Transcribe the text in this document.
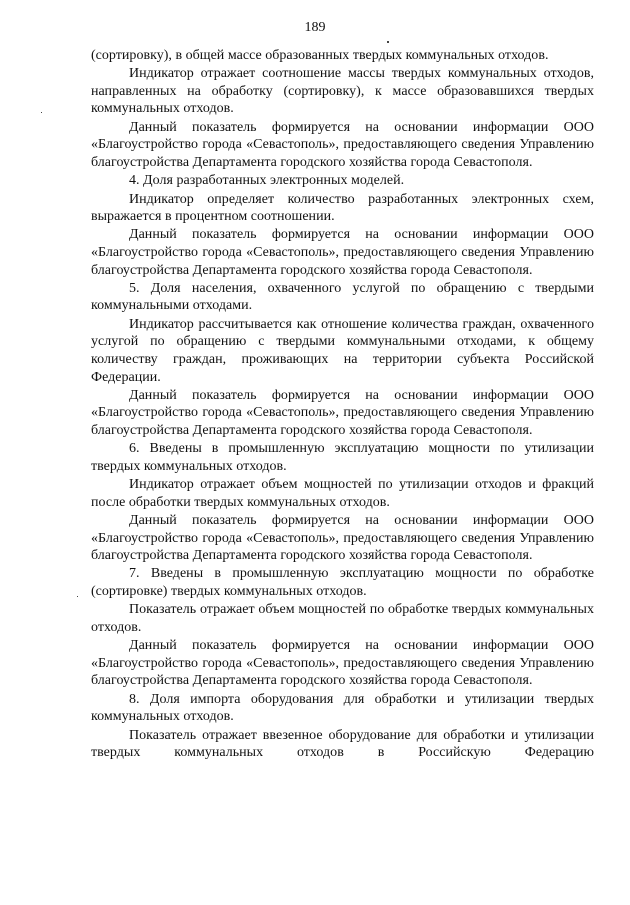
189

(сортировку), в общей массе образованных твердых коммунальных отходов.

Индикатор отражает соотношение массы твердых коммунальных отходов, направленных на обработку (сортировку), к массе образовавшихся твердых коммунальных отходов.

Данный показатель формируется на основании информации ООО «Благоустройство города «Севастополь», предоставляющего сведения Управлению благоустройства Департамента городского хозяйства города Севастополя.

4. Доля разработанных электронных моделей.

Индикатор определяет количество разработанных электронных схем, выражается в процентном соотношении.

Данный показатель формируется на основании информации ООО «Благоустройство города «Севастополь», предоставляющего сведения Управлению благоустройства Департамента городского хозяйства города Севастополя.

5. Доля населения, охваченного услугой по обращению с твердыми коммунальными отходами.

Индикатор рассчитывается как отношение количества граждан, охваченного услугой по обращению с твердыми коммунальными отходами, к общему количеству граждан, проживающих на территории субъекта Российской Федерации.

Данный показатель формируется на основании информации ООО «Благоустройство города «Севастополь», предоставляющего сведения Управлению благоустройства Департамента городского хозяйства города Севастополя.

6. Введены в промышленную эксплуатацию мощности по утилизации твердых коммунальных отходов.

Индикатор отражает объем мощностей по утилизации отходов и фракций после обработки твердых коммунальных отходов.

Данный показатель формируется на основании информации ООО «Благоустройство города «Севастополь», предоставляющего сведения Управлению благоустройства Департамента городского хозяйства города Севастополя.

7. Введены в промышленную эксплуатацию мощности по обработке (сортировке) твердых коммунальных отходов.

Показатель отражает объем мощностей по обработке твердых коммунальных отходов.

Данный показатель формируется на основании информации ООО «Благоустройство города «Севастополь», предоставляющего сведения Управлению благоустройства Департамента городского хозяйства города Севастополя.

8. Доля импорта оборудования для обработки и утилизации твердых коммунальных отходов.

Показатель отражает ввезенное оборудование для обработки и утилизации твердых коммунальных отходов в Российскую Федерацию
